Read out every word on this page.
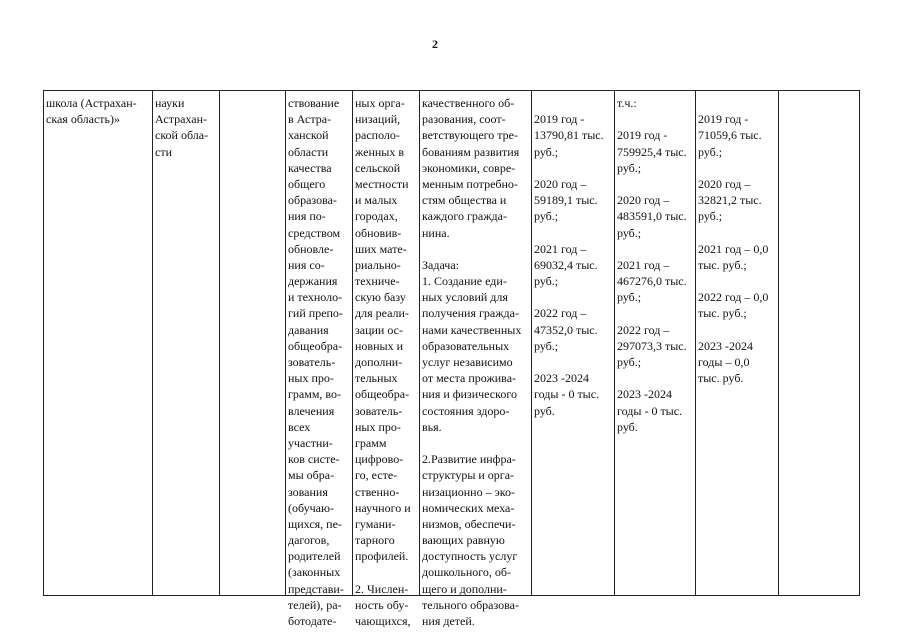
2
школа (Астрахан-
ская область)»
науки
Астрахан-
ской обла-
сти
ствование
в Астра-
ханской
области
качества
общего
образова-
ния по-
средством
обновле-
ния со-
держания
и техноло-
гий препо-
давания
общеобра-
зователь-
ных про-
грамм, во-
влечения
всех
участни-
ков систе-
мы обра-
зования
(обучаю-
щихся, пе-
дагогов,
родителей
(законных
представи-
телей), ра-
ботодате-
ных орга-
низаций,
располо-
женных в
сельской
местности
и малых
городах,
обновив-
ших мате-
риально-
техниче-
скую базу
для реали-
зации ос-
новных и
дополни-
тельных
общеобра-
зователь-
ных про-
грамм
цифрово-
го, есте-
ственно-
научного и
гумани-
тарного
профилей.
2. Числен-
ность обу-
чающихся,
качественного об-
разования, соот-
ветствующего тре-
бованиям развития
экономики, совре-
менным потребно-
стям общества и
каждого гражда-
нина.
Задача:
1. Создание еди-
ных условий для
получения гражда-
нами качественных
образовательных
услуг независимо
от места прожива-
ния и физического
состояния здоро-
вья.
2.Развитие инфра-
структуры и орга-
низационно – эко-
номических меха-
низмов, обеспечи-
вающих равную
доступность услуг
дошкольного, об-
щего и дополни-
тельного образова-
ния детей.
2019 год -
13790,81 тыс.
руб.;
2020 год –
59189,1 тыс.
руб.;
2021 год –
69032,4 тыс.
руб.;
2022 год –
47352,0 тыс.
руб.;
2023 -2024
годы - 0 тыс.
руб.
т.ч.:
2019 год -
759925,4 тыс.
руб.;
2020 год –
483591,0 тыс.
руб.;
2021 год –
467276,0 тыс.
руб.;
2022 год –
297073,3 тыс.
руб.;
2023 -2024
годы - 0 тыс.
руб.
2019 год -
71059,6 тыс.
руб.;
2020 год –
32821,2 тыс.
руб.;
2021 год – 0,0
тыс. руб.;
2022 год – 0,0
тыс. руб.;
2023 -2024
годы – 0,0
тыс. руб.
